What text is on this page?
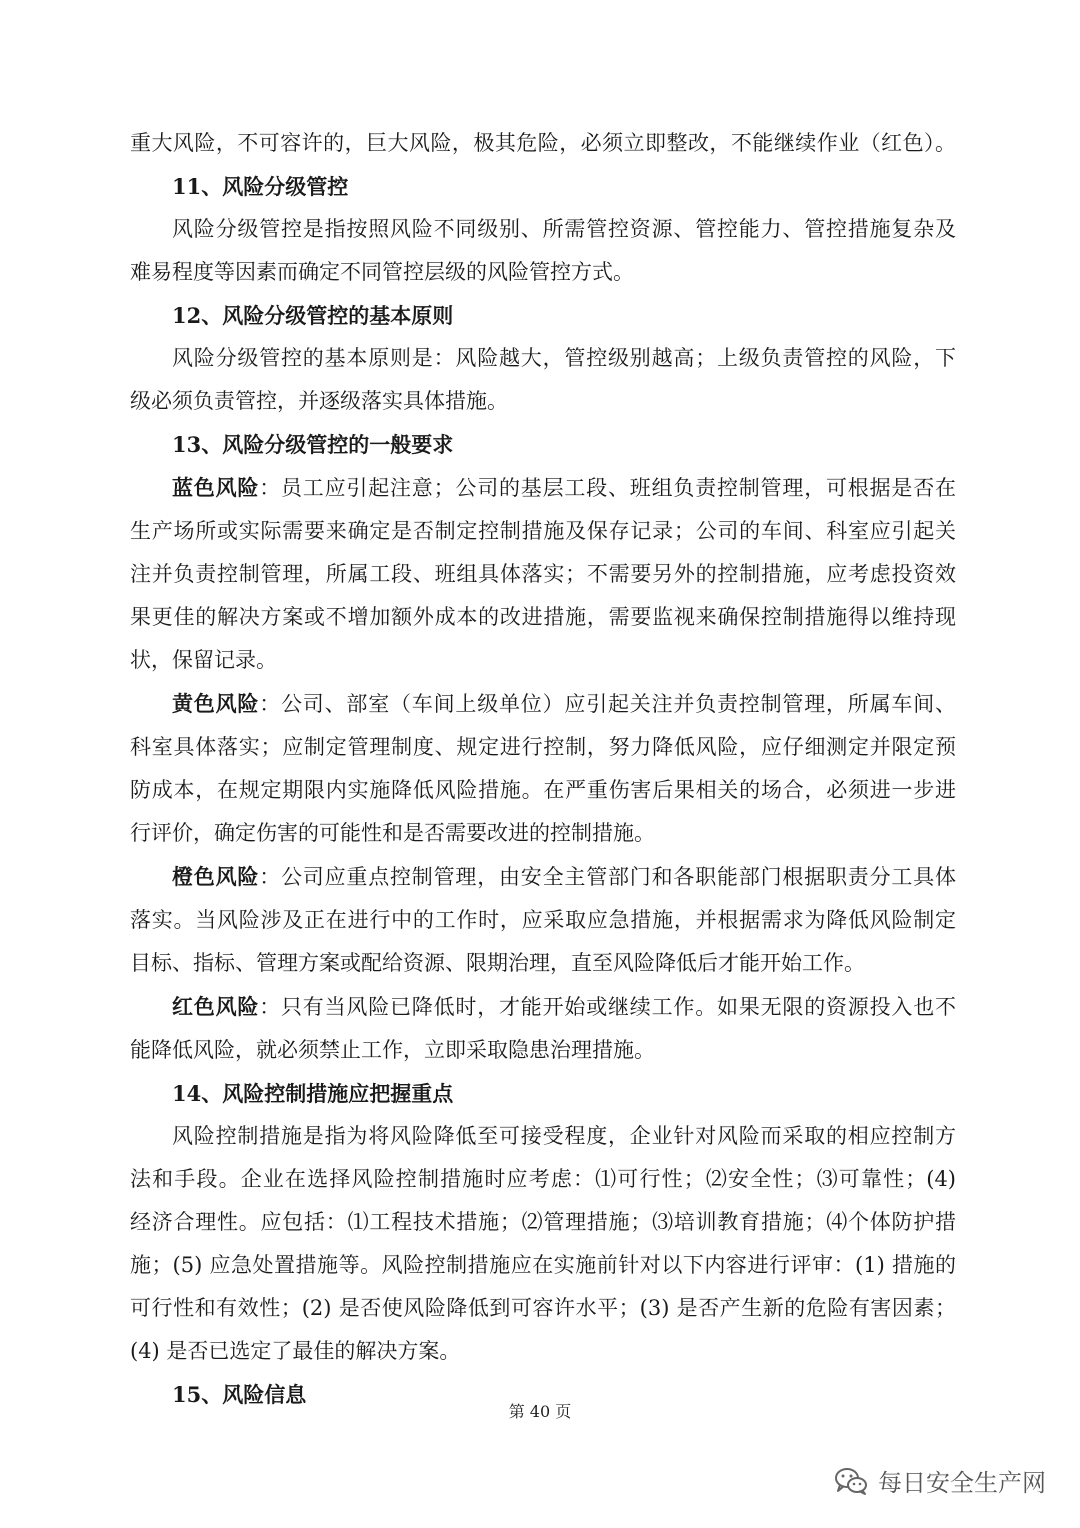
重大风险，不可容许的，巨大风险，极其危险，必须立即整改，不能继续作业（红色）。

11、风险分级管控

风险分级管控是指按照风险不同级别、所需管控资源、管控能力、管控措施复杂及

难易程度等因素而确定不同管控层级的风险管控方式。

12、风险分级管控的基本原则

风险分级管控的基本原则是：风险越大，管控级别越高；上级负责管控的风险，下

级必须负责管控，并逐级落实具体措施。

13、风险分级管控的一般要求

蓝色风险：员工应引起注意；公司的基层工段、班组负责控制管理，可根据是否在

生产场所或实际需要来确定是否制定控制措施及保存记录；公司的车间、科室应引起关

注并负责控制管理，所属工段、班组具体落实；不需要另外的控制措施，应考虑投资效

果更佳的解决方案或不增加额外成本的改进措施，需要监视来确保控制措施得以维持现

状，保留记录。

黄色风险：公司、部室（车间上级单位）应引起关注并负责控制管理，所属车间、

科室具体落实；应制定管理制度、规定进行控制，努力降低风险，应仔细测定并限定预

防成本，在规定期限内实施降低风险措施。在严重伤害后果相关的场合，必须进一步进

行评价，确定伤害的可能性和是否需要改进的控制措施。

橙色风险：公司应重点控制管理，由安全主管部门和各职能部门根据职责分工具体

落实。当风险涉及正在进行中的工作时，应采取应急措施，并根据需求为降低风险制定

目标、指标、管理方案或配给资源、限期治理，直至风险降低后才能开始工作。

红色风险：只有当风险已降低时，才能开始或继续工作。如果无限的资源投入也不

能降低风险，就必须禁止工作，立即采取隐患治理措施。

14、风险控制措施应把握重点

风险控制措施是指为将风险降低至可接受程度，企业针对风险而采取的相应控制方

法和手段。企业在选择风险控制措施时应考虑：⑴可行性；⑵安全性；⑶可靠性；(4)

经济合理性。应包括：⑴工程技术措施；⑵管理措施；⑶培训教育措施；⑷个体防护措

施；(5) 应急处置措施等。风险控制措施应在实施前针对以下内容进行评审：(1) 措施的

可行性和有效性；(2) 是否使风险降低到可容许水平；(3) 是否产生新的危险有害因素；

(4) 是否已选定了最佳的解决方案。

15、风险信息

第 40 页
每日安全生产网
